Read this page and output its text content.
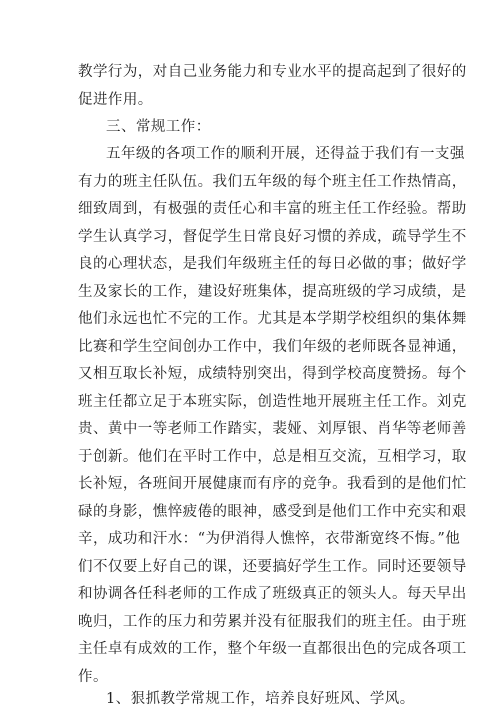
教学行为，对自己业务能力和专业水平的提高起到了很好的
促进作用。
三、常规工作：
五年级的各项工作的顺利开展，还得益于我们有一支强
有力的班主任队伍。我们五年级的每个班主任工作热情高，
细致周到，有极强的责任心和丰富的班主任工作经验。帮助
学生认真学习，督促学生日常良好习惯的养成，疏导学生不
良的心理状态，是我们年级班主任的每日必做的事；做好学
生及家长的工作，建设好班集体，提高班级的学习成绩，是
他们永远也忙不完的工作。尤其是本学期学校组织的集体舞
比赛和学生空间创办工作中，我们年级的老师既各显神通，
又相互取长补短，成绩特别突出，得到学校高度赞扬。每个
班主任都立足于本班实际，创造性地开展班主任工作。刘克
贵、黄中一等老师工作踏实，裴娅、刘厚银、肖华等老师善
于创新。他们在平时工作中，总是相互交流，互相学习，取
长补短，各班间开展健康而有序的竞争。我看到的是他们忙
碌的身影，憔悴疲倦的眼神，感受到是他们工作中充实和艰
辛，成功和汗水：“为伊消得人憔悴，衣带渐宽终不悔。”他
们不仅要上好自己的课，还要搞好学生工作。同时还要领导
和协调各任科老师的工作成了班级真正的领头人。每天早出
晚归，工作的压力和劳累并没有征服我们的班主任。由于班
主任卓有成效的工作，整个年级一直都很出色的完成各项工
作。
1、狠抓教学常规工作，培养良好班风、学风。
